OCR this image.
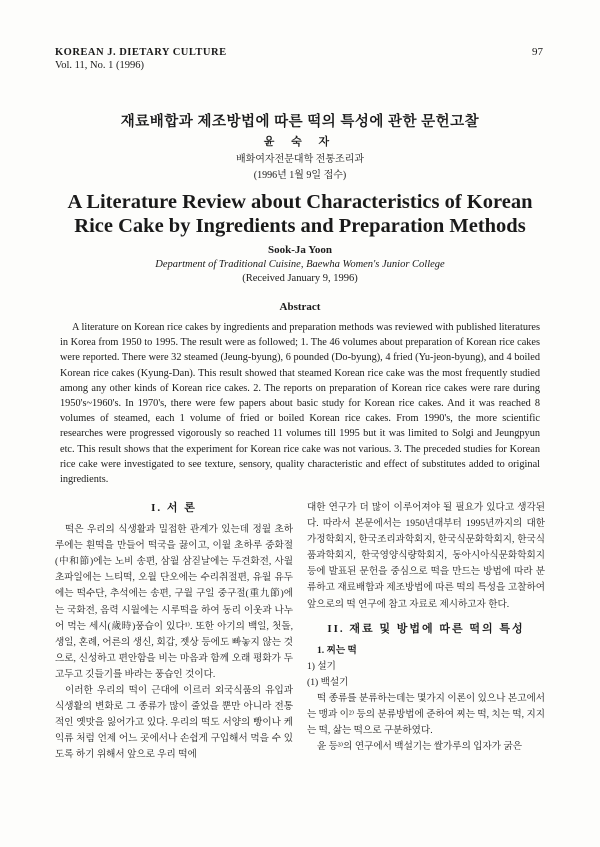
KOREAN J. DIETARY CULTURE
Vol. 11, No. 1 (1996)
97
재료배합과 제조방법에 따른 떡의 특성에 관한 문헌고찰
윤 숙 자
배화여자전문대학 전통조리과
(1996년 1월 9일 접수)
A Literature Review about Characteristics of Korean
Rice Cake by Ingredients and Preparation Methods
Sook-Ja Yoon
Department of Traditional Cuisine, Baewha Women's Junior College
(Received January 9, 1996)
Abstract
A literature on Korean rice cakes by ingredients and preparation methods was reviewed with published literatures in Korea from 1950 to 1995. The result were as followed; 1. The 46 volumes about preparation of Korean rice cakes were reported. There were 32 steamed (Jeung-byung), 6 pounded (Do-byung), 4 fried (Yu-jeon-byung), and 4 boiled Korean rice cakes (Kyung-Dan). This result showed that steamed Korean rice cake was the most frequently studied among any other kinds of Korean rice cakes. 2. The reports on preparation of Korean rice cakes were rare during 1950's~1960's. In 1970's, there were few papers about basic study for Korean rice cakes. And it was reached 8 volumes of steamed, each 1 volume of fried or boiled Korean rice cakes. From 1990's, the more scientific researches were progressed vigorously so reached 11 volumes till 1995 but it was limited to Solgi and Jeungpyun etc. This result shows that the experiment for Korean rice cake was not various. 3. The preceded studies for Korean rice cake were investigated to see texture, sensory, quality characteristic and effect of substitutes added to original ingredients.
I. 서 론

떡은 우리의 식생활과 밀접한 관계가 있는데 정월 초하루에는 흰떡을 만들어 떡국을 끓이고, 이월 초하루 중화절(中和節)에는 노비 송편, 삼월 삼짇날에는 두견화전, 사월 초파일에는 느티떡, 오월 단오에는 수리취절편, 유월 유두에는 떡수단, 추석에는 송편, 구월 구일 중구절(重九節)에는 국화전, 음력 시월에는 시루떡을 하여 동리 이웃과 나누어 먹는 세시(歲時)풍습이 있다¹⁾. 또한 아기의 백일, 첫돌, 생일, 혼례, 어른의 생신, 회갑, 젯상 등에도 빠놓지 않는 것으로, 신성하고 편안함을 비는 마음과 함께 오래 평화가 두고두고 깃들기를 바라는 풍습인 것이다.

이러한 우리의 떡이 근대에 이르러 외국식품의 유입과 식생활의 변화로 그 종류가 많이 줄었을 뿐만 아니라 전통적인 옛맛을 잃어가고 있다. 우리의 떡도 서양의 빵이나 케익류 처럼 언제 어느 곳에서나 손쉽게 구입해서 먹을 수 있도록 하기 위해서 앞으로 우리 떡에

대한 연구가 더 많이 이루어져야 될 필요가 있다고 생각된다. 따라서 본문에서는 1950년대부터 1995년까지의 대한가정학회지, 한국조리과학회지, 한국식문화학회지, 한국식품과학회지, 한국영양식량학회지, 동아시아식문화학회지 등에 발표된 문헌을 중심으로 떡을 만드는 방법에 따라 분류하고 재료배합과 제조방법에 따른 떡의 특성을 고찰하여 앞으로의 떡 연구에 참고 자료로 제시하고자 한다.

II. 재료 및 방법에 따른 떡의 특성

1. 찌는 떡

1) 설기

(1) 백설기

떡 종류를 분류하는데는 몇가지 이론이 있으나 본고에서는 맹과 이²⁾ 등의 분류방법에 준하여 찌는 떡, 치는 떡, 지지는 떡, 삶는 떡으로 구분하였다.

윤 등³⁾의 연구에서 백설기는 쌀가루의 입자가 굵은
